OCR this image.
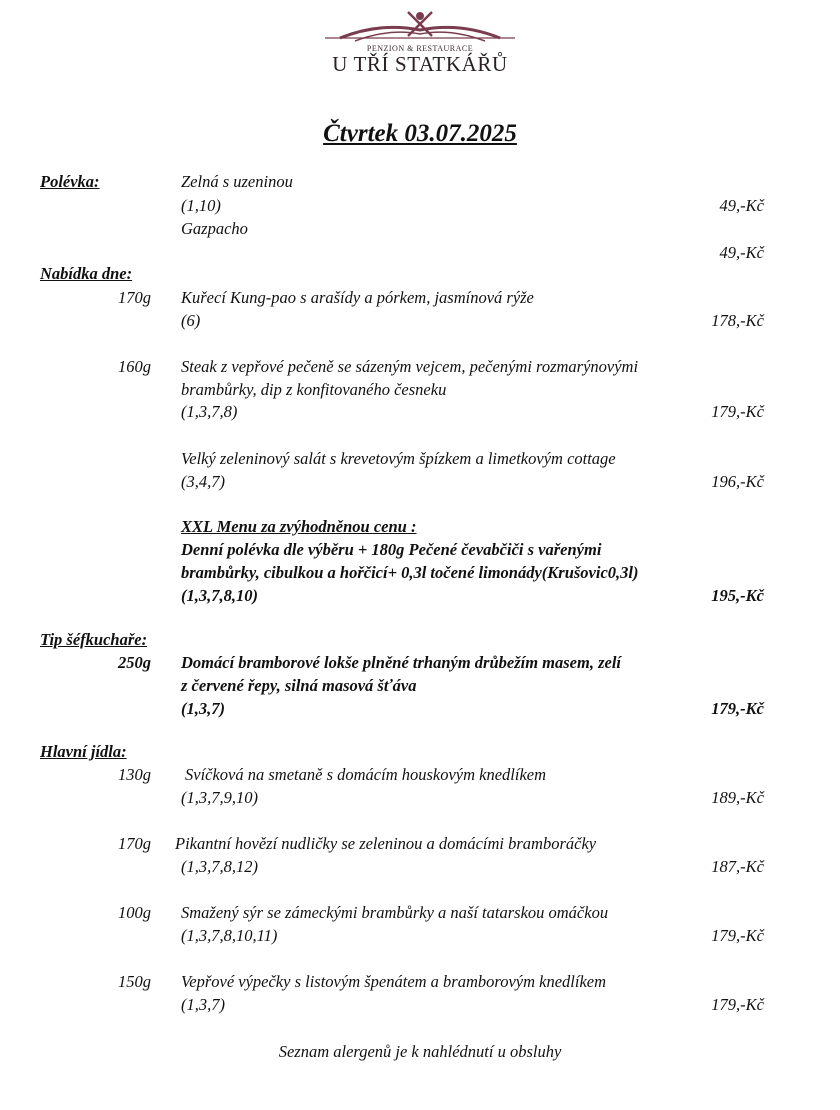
PENZION & RESTAURACE
U TŘÍ STATKÁŘŮ
Čtvrtek 03.07.2025
Polévka:	Zelná s uzeninou
(1,10)	49,-Kč
Gazpacho
49,-Kč
Nabídka dne:
170g Kuřecí Kung-pao s arašídy a pórkem, jasmínová rýže
(6)	178,-Kč
160g Steak z vepřové pečeně se sázeným vejcem, pečenými rozmarýnovými
brambůrky, dip z konfitovaného česneku
(1,3,7,8)	179,-Kč
Velký zeleninový salát s krevetovým špízkem a limetkovým cottage
(3,4,7)	196,-Kč
XXL Menu za zvýhodněnou cenu :
Denní polévka dle výběru + 180g Pečené čevabčiči s vařenými
brambůrky, cibulkou a hořčicí+ 0,3l točené limonády(Krušovic0,3l)
(1,3,7,8,10)	195,-Kč
Tip šéfkuchaře:
250g Domácí bramborové lokše plněné trhaným drůbežím masem, zelí
z červené řepy, silná masová šťáva
(1,3,7)	179,-Kč
Hlavní jídla:
130g Svíčková na smetaně s domácím houskovým knedlíkem
(1,3,7,9,10)	189,-Kč
170g Pikantní hovězí nudličky se zeleninou a domácími bramboráčky
(1,3,7,8,12)	187,-Kč
100g Smažený sýr se zámeckými brambůrky a naší tatarskou omáčkou
(1,3,7,8,10,11)	179,-Kč
150g Vepřové výpečky s listovým špenátem a bramborovým knedlíkem
(1,3,7)	179,-Kč
Seznam alergenů je k nahlédnutí u obsluhy
